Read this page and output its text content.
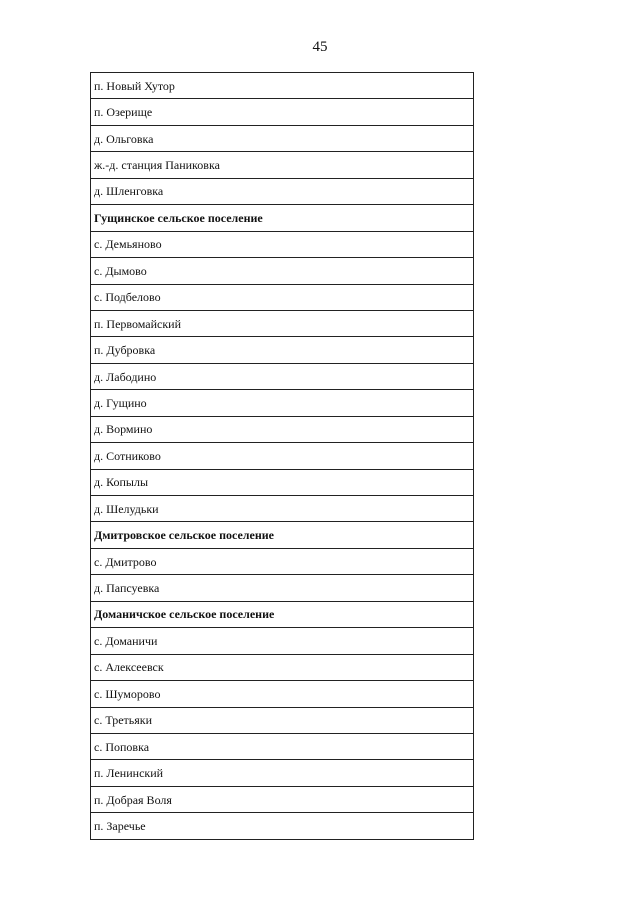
45
п. Новый Хутор
п. Озерище
д. Ольговка
ж.-д. станция Паниковка
д. Шленговка
Гущинское сельское поселение
с. Демьяново
с. Дымово
с. Подбелово
п. Первомайский
п. Дубровка
д. Лабодино
д. Гущино
д. Вормино
д. Сотниково
д. Копылы
д. Шелудьки
Дмитровское сельское поселение
с. Дмитрово
д. Папсуевка
Доманичское сельское поселение
с. Доманичи
с. Алексеевск
с. Шуморово
с. Третьяки
с. Поповка
п. Ленинский
п. Добрая Воля
п. Заречье
